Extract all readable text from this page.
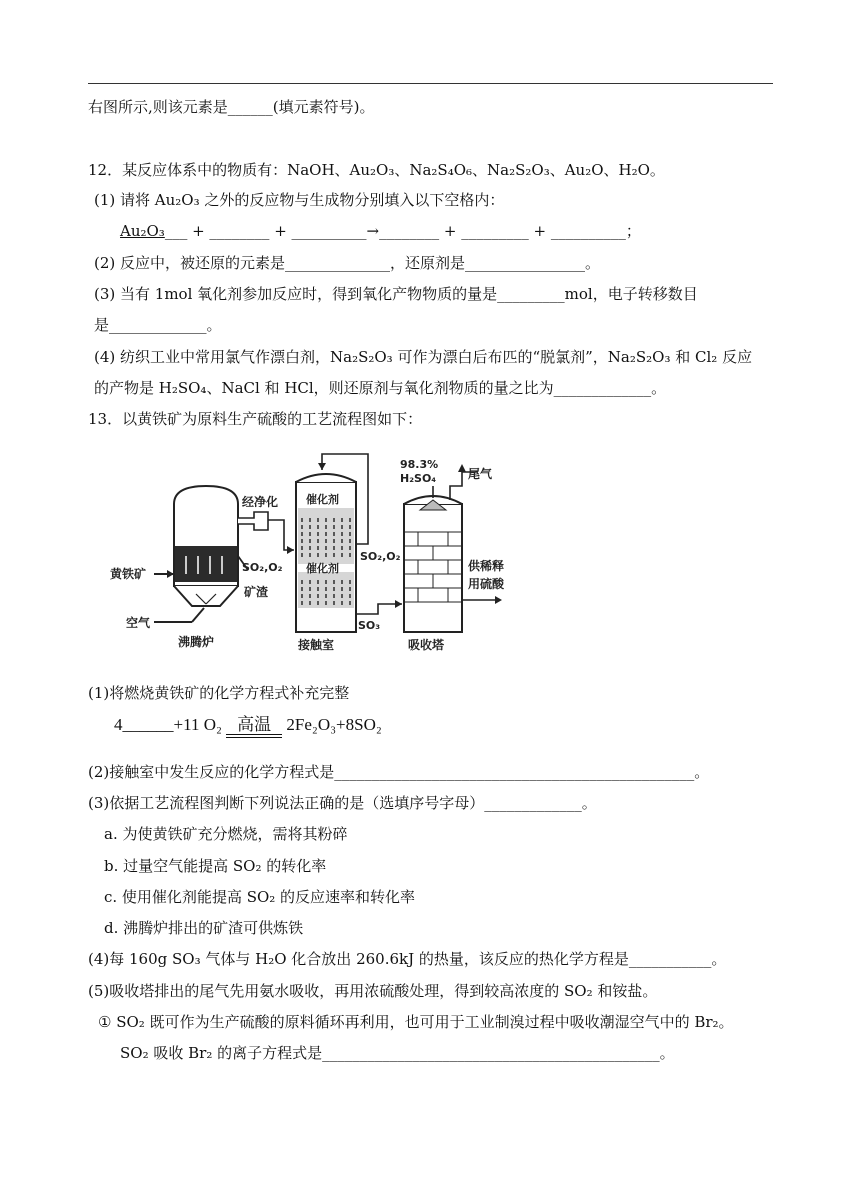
右图所示,则该元素是______(填元素符号)。
12．某反应体系中的物质有：NaOH、Au₂O₃、Na₂S₄O₆、Na₂S₂O₃、Au₂O、H₂O。
(1) 请将 Au₂O₃ 之外的反应物与生成物分别填入以下空格内：
Au₂O₃___ + ________ + __________→________ + _________ + __________；
(2) 反应中，被还原的元素是______________，还原剂是________________。
(3) 当有 1mol 氧化剂参加反应时，得到氧化产物物质的量是_________mol，电子转移数目
是_____________。
(4) 纺织工业中常用氯气作漂白剂，Na₂S₂O₃ 可作为漂白后布匹的“脱氯剂”，Na₂S₂O₃ 和 Cl₂ 反应
的产物是 H₂SO₄、NaCl 和 HCl，则还原剂与氧化剂物质的量之比为_____________。
13．以黄铁矿为原料生产硫酸的工艺流程图如下：
黄铁矿
空气
沸腾炉
矿渣
SO₂,O₂
经净化	催化剂
催化剂
接触室
SO₂,O₂
SO₃
98.3%
H₂SO₄	尾气
供稀释
用硫酸
吸收塔
(1)将燃烧黄铁矿的化学方程式补充完整
4______+11 O₂ 高温 2Fe₂O₃+8SO₂
(2)接触室中发生反应的化学方程式是________________________________________________。
(3)依据工艺流程图判断下列说法正确的是（选填序号字母）_____________。
a. 为使黄铁矿充分燃烧，需将其粉碎
b. 过量空气能提高 SO₂ 的转化率
c. 使用催化剂能提高 SO₂ 的反应速率和转化率
d. 沸腾炉排出的矿渣可供炼铁
(4)每 160g SO₃ 气体与 H₂O 化合放出 260.6kJ 的热量，该反应的热化学方程是___________。
(5)吸收塔排出的尾气先用氨水吸收，再用浓硫酸处理，得到较高浓度的 SO₂ 和铵盐。
① SO₂ 既可作为生产硫酸的原料循环再利用，也可用于工业制溴过程中吸收潮湿空气中的 Br₂。
SO₂ 吸收 Br₂ 的离子方程式是_____________________________________________。
